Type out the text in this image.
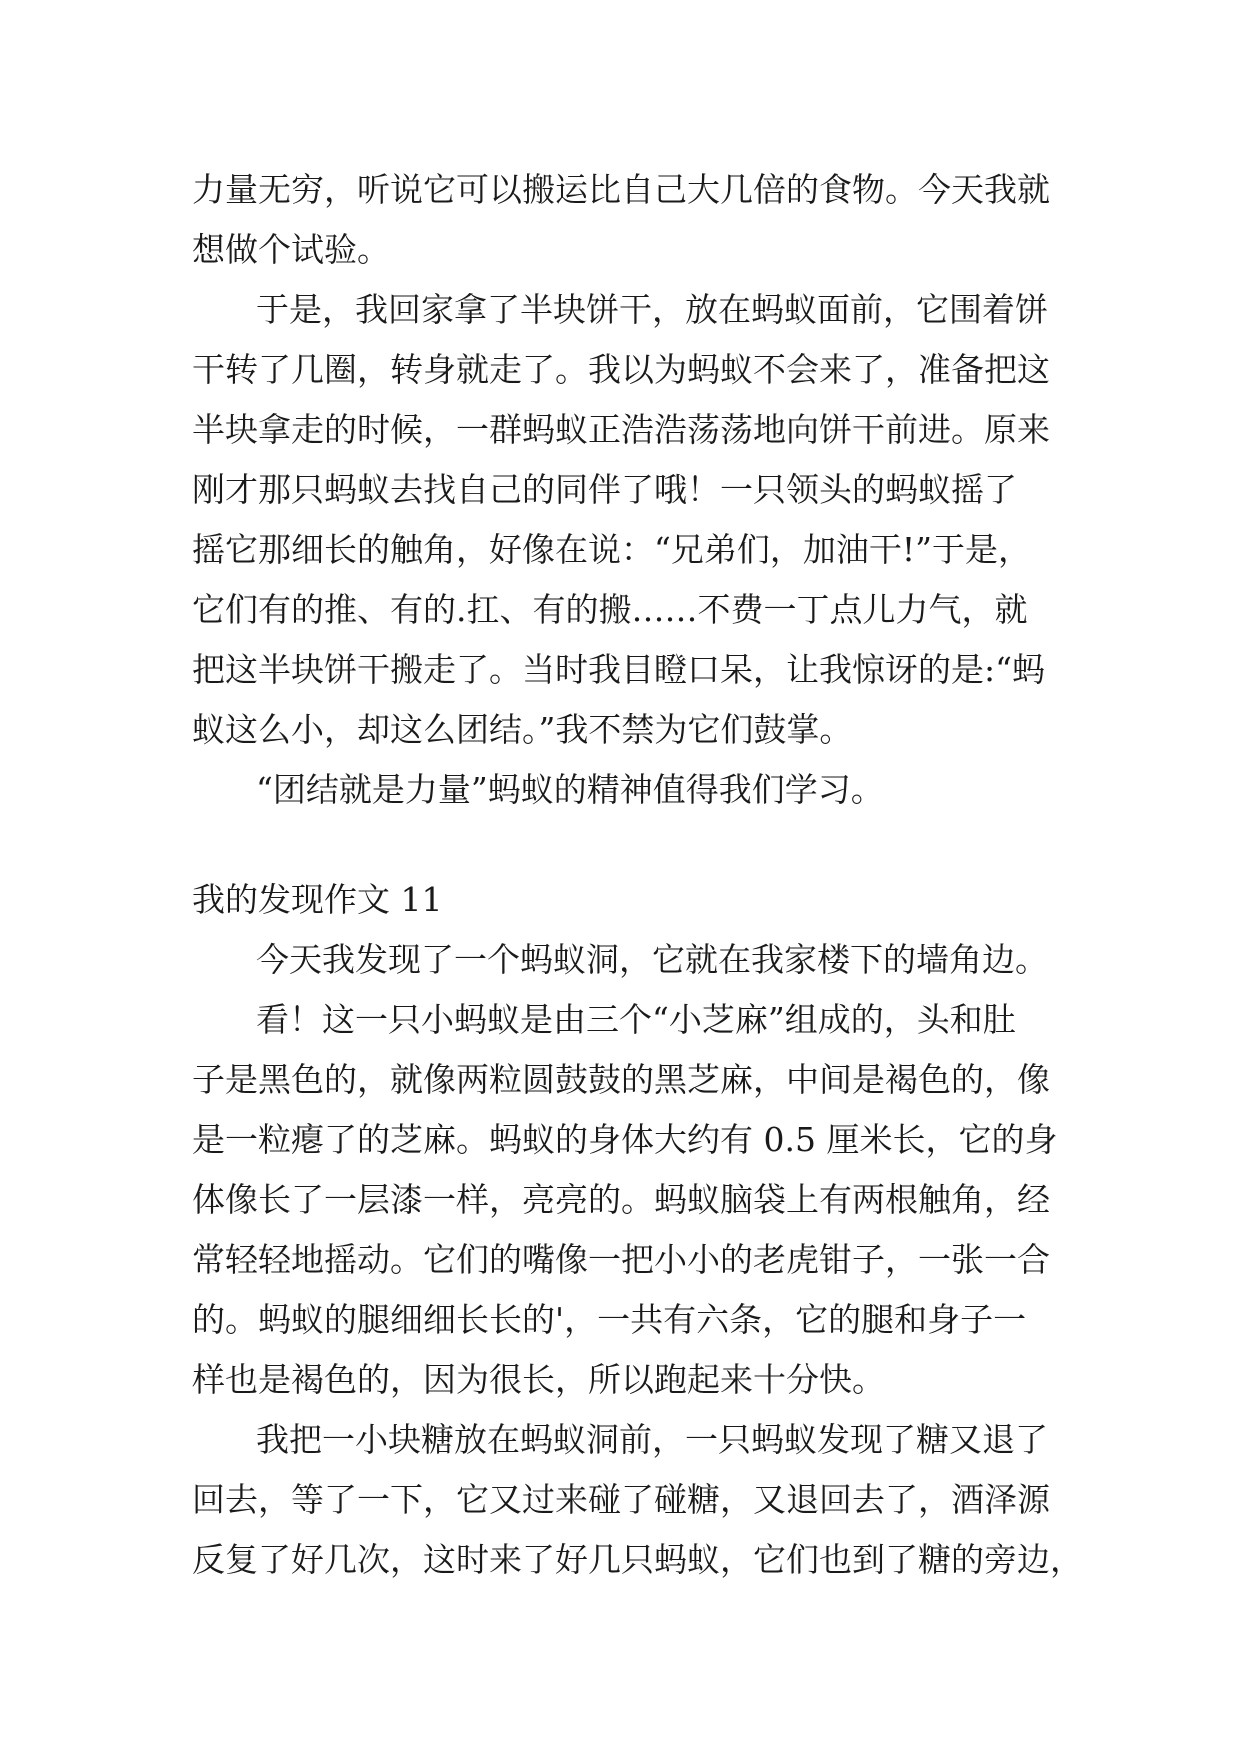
力量无穷，听说它可以搬运比自己大几倍的食物。今天我就
想做个试验。
于是，我回家拿了半块饼干，放在蚂蚁面前，它围着饼
干转了几圈，转身就走了。我以为蚂蚁不会来了，准备把这
半块拿走的时候，一群蚂蚁正浩浩荡荡地向饼干前进。原来
刚才那只蚂蚁去找自己的同伴了哦！一只领头的蚂蚁摇了
摇它那细长的触角，好像在说：“兄弟们，加油干!”于是，
它们有的推、有的.扛、有的搬……不费一丁点儿力气，就
把这半块饼干搬走了。当时我目瞪口呆，让我惊讶的是:“蚂
蚁这么小，却这么团结。”我不禁为它们鼓掌。
“团结就是力量”蚂蚁的精神值得我们学习。
我的发现作文 11
今天我发现了一个蚂蚁洞，它就在我家楼下的墙角边。
看！这一只小蚂蚁是由三个“小芝麻”组成的，头和肚
子是黑色的，就像两粒圆鼓鼓的黑芝麻，中间是褐色的，像
是一粒瘪了的芝麻。蚂蚁的身体大约有 0.5 厘米长，它的身
体像长了一层漆一样，亮亮的。蚂蚁脑袋上有两根触角，经
常轻轻地摇动。它们的嘴像一把小小的老虎钳子，一张一合
的。蚂蚁的腿细细长长的'，一共有六条，它的腿和身子一
样也是褐色的，因为很长，所以跑起来十分快。
我把一小块糖放在蚂蚁洞前，一只蚂蚁发现了糖又退了
回去，等了一下，它又过来碰了碰糖，又退回去了，酒泽源
反复了好几次，这时来了好几只蚂蚁，它们也到了糖的旁边，
